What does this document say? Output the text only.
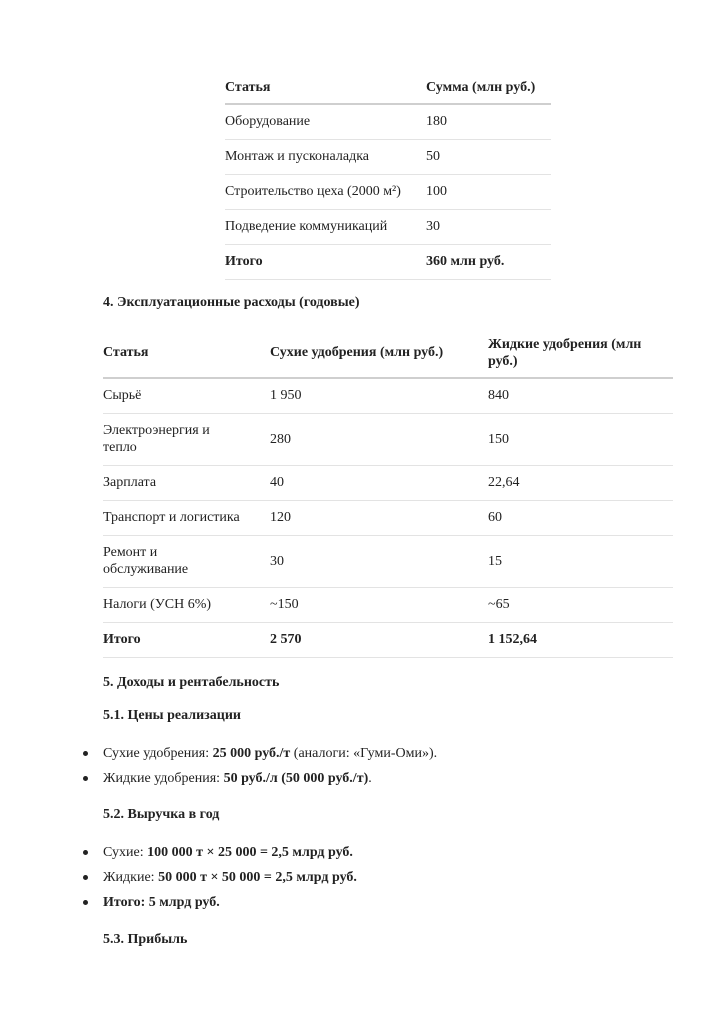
Статья	Сумма (млн руб.)
Оборудование	180
Монтаж и пусконаладка	50
Строительство цеха (2000 м²)	100
Подведение коммуникаций	30
Итого	360 млн руб.
4. Эксплуатационные расходы (годовые)
Статья	Сухие удобрения (млн руб.)	Жидкие удобрения (млн руб.)
Сырьё	1 950	840
Электроэнергия и тепло	280	150
Зарплата	40	22,64
Транспорт и логистика	120	60
Ремонт и обслуживание	30	15
Налоги (УСН 6%)	~150	~65
Итого	2 570	1 152,64
5. Доходы и рентабельность
5.1. Цены реализации
Сухие удобрения: 25 000 руб./т (аналоги: «Гуми-Оми»).
Жидкие удобрения: 50 руб./л (50 000 руб./т).
5.2. Выручка в год
Сухие: 100 000 т × 25 000 = 2,5 млрд руб.
Жидкие: 50 000 т × 50 000 = 2,5 млрд руб.
Итого: 5 млрд руб.
5.3. Прибыль
